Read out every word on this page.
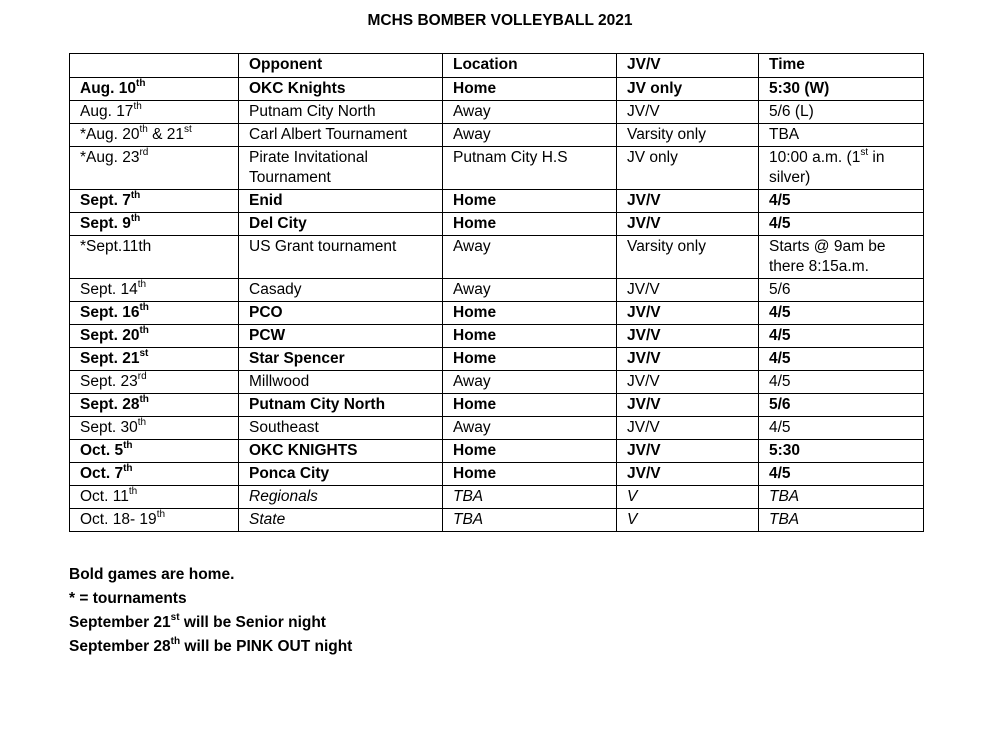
MCHS BOMBER VOLLEYBALL 2021
	Opponent	Location	JV/V	Time
Aug. 10th	OKC Knights	Home	JV only	5:30 (W)
Aug. 17th	Putnam City North	Away	JV/V	5/6 (L)
*Aug. 20th & 21st	Carl Albert Tournament	Away	Varsity only	TBA
*Aug. 23rd	Pirate Invitational Tournament	Putnam City H.S	JV only	10:00 a.m. (1st in silver)
Sept. 7th	Enid	Home	JV/V	4/5
Sept. 9th	Del City	Home	JV/V	4/5
*Sept.11th	US Grant tournament	Away	Varsity only	Starts @ 9am be there 8:15a.m.
Sept. 14th	Casady	Away	JV/V	5/6
Sept. 16th	PCO	Home	JV/V	4/5
Sept. 20th	PCW	Home	JV/V	4/5
Sept. 21st	Star Spencer	Home	JV/V	4/5
Sept. 23rd	Millwood	Away	JV/V	4/5
Sept. 28th	Putnam City North	Home	JV/V	5/6
Sept. 30th	Southeast	Away	JV/V	4/5
Oct. 5th	OKC KNIGHTS	Home	JV/V	5:30
Oct. 7th	Ponca City	Home	JV/V	4/5
Oct. 11th	Regionals	TBA	V	TBA
Oct. 18- 19th	State	TBA	V	TBA
Bold games are home.
* = tournaments
September 21st will be Senior night
September 28th will be PINK OUT night
